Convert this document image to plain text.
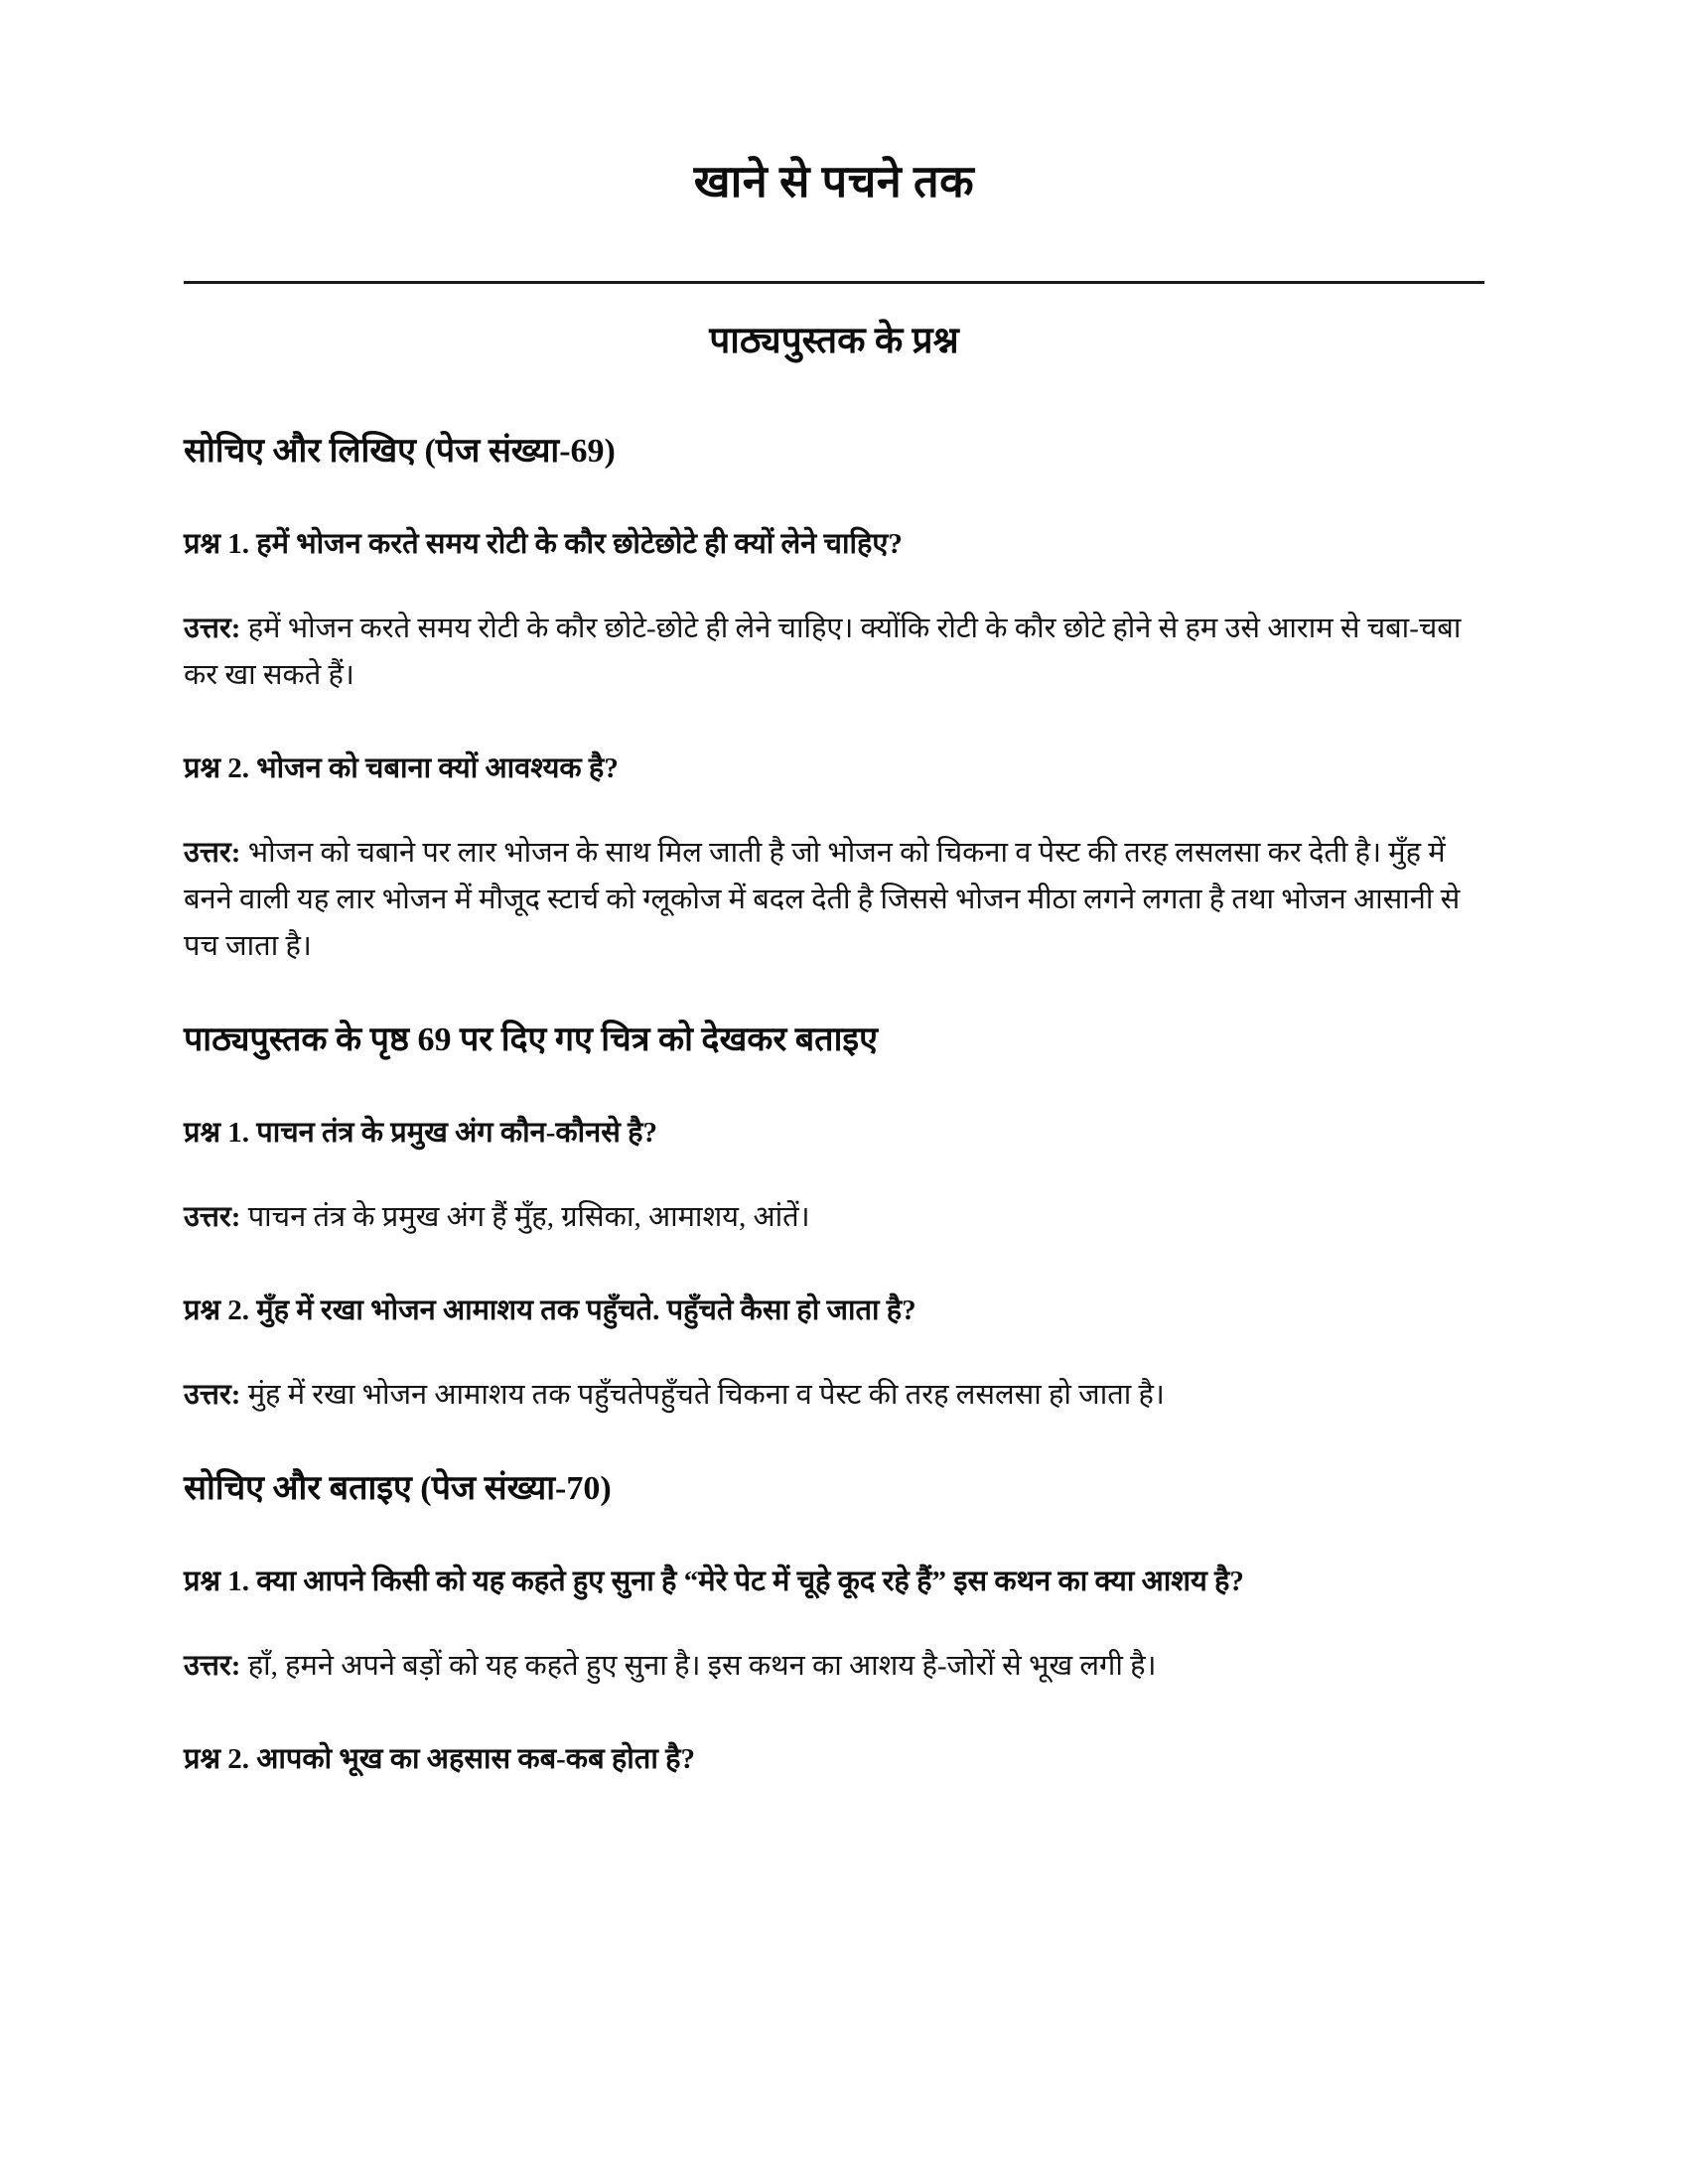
खाने से पचने तक
पाठ्यपुस्तक के प्रश्न
सोचिए और लिखिए (पेज संख्या-69)

प्रश्न 1. हमें भोजन करते समय रोटी के कौर छोटेछोटे ही क्यों लेने चाहिए?

उत्तर: हमें भोजन करते समय रोटी के कौर छोटे-छोटे ही लेने चाहिए। क्योंकि रोटी के कौर छोटे होने से हम उसे आराम से चबा-चबा कर खा सकते हैं।

प्रश्न 2. भोजन को चबाना क्यों आवश्यक है?

उत्तर: भोजन को चबाने पर लार भोजन के साथ मिल जाती है जो भोजन को चिकना व पेस्ट की तरह लसलसा कर देती है। मुँह में बनने वाली यह लार भोजन में मौजूद स्टार्च को ग्लूकोज में बदल देती है जिससे भोजन मीठा लगने लगता है तथा भोजन आसानी से पच जाता है।

पाठ्यपुस्तक के पृष्ठ 69 पर दिए गए चित्र को देखकर बताइए

प्रश्न 1. पाचन तंत्र के प्रमुख अंग कौन-कौनसे है?

उत्तर: पाचन तंत्र के प्रमुख अंग हैं मुँह, ग्रसिका, आमाशय, आंतें।

प्रश्न 2. मुँह में रखा भोजन आमाशय तक पहुँचते. पहुँचते कैसा हो जाता है?

उत्तर: मुंह में रखा भोजन आमाशय तक पहुँचतेपहुँचते चिकना व पेस्ट की तरह लसलसा हो जाता है।

सोचिए और बताइए (पेज संख्या-70)

प्रश्न 1. क्या आपने किसी को यह कहते हुए सुना है “मेरे पेट में चूहे कूद रहे हैं” इस कथन का क्या आशय है?

उत्तर: हाँ, हमने अपने बड़ों को यह कहते हुए सुना है। इस कथन का आशय है-जोरों से भूख लगी है।

प्रश्न 2. आपको भूख का अहसास कब-कब होता है?
